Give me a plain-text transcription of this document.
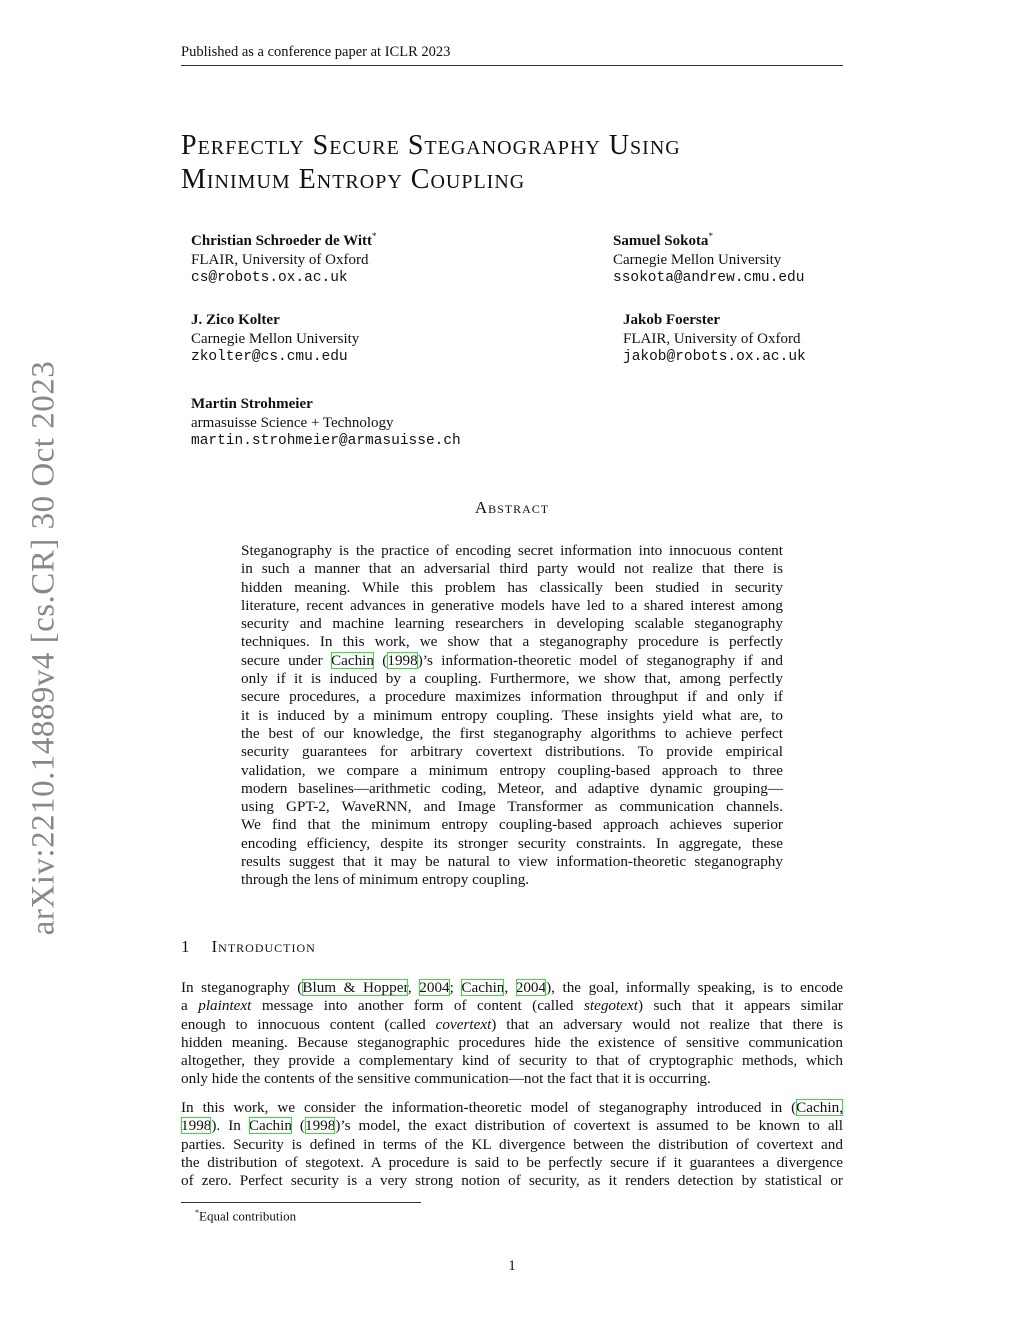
Published as a conference paper at ICLR 2023
arXiv:2210.14889v4 [cs.CR] 30 Oct 2023
Perfectly Secure Steganography Using
Minimum Entropy Coupling
Christian Schroeder de Witt*
FLAIR, University of Oxford
cs@robots.ox.ac.uk
Samuel Sokota*
Carnegie Mellon University
ssokota@andrew.cmu.edu
J. Zico Kolter
Carnegie Mellon University
zkolter@cs.cmu.edu
Jakob Foerster
FLAIR, University of Oxford
jakob@robots.ox.ac.uk
Martin Strohmeier
armasuisse Science + Technology
martin.strohmeier@armasuisse.ch
Abstract
Steganography is the practice of encoding secret information into innocuous content
in such a manner that an adversarial third party would not realize that there is
hidden meaning. While this problem has classically been studied in security
literature, recent advances in generative models have led to a shared interest among
security and machine learning researchers in developing scalable steganography
techniques. In this work, we show that a steganography procedure is perfectly
secure under Cachin (1998)’s information-theoretic model of steganography if and
only if it is induced by a coupling. Furthermore, we show that, among perfectly
secure procedures, a procedure maximizes information throughput if and only if
it is induced by a minimum entropy coupling. These insights yield what are, to
the best of our knowledge, the first steganography algorithms to achieve perfect
security guarantees for arbitrary covertext distributions. To provide empirical
validation, we compare a minimum entropy coupling-based approach to three
modern baselines—arithmetic coding, Meteor, and adaptive dynamic grouping—
using GPT-2, WaveRNN, and Image Transformer as communication channels.
We find that the minimum entropy coupling-based approach achieves superior
encoding efficiency, despite its stronger security constraints. In aggregate, these
results suggest that it may be natural to view information-theoretic steganography
through the lens of minimum entropy coupling.
1 Introduction
In steganography (Blum & Hopper, 2004; Cachin, 2004), the goal, informally speaking, is to encode
a plaintext message into another form of content (called stegotext) such that it appears similar
enough to innocuous content (called covertext) that an adversary would not realize that there is
hidden meaning. Because steganographic procedures hide the existence of sensitive communication
altogether, they provide a complementary kind of security to that of cryptographic methods, which
only hide the contents of the sensitive communication—not the fact that it is occurring.
In this work, we consider the information-theoretic model of steganography introduced in (Cachin,
1998). In Cachin (1998)’s model, the exact distribution of covertext is assumed to be known to all
parties. Security is defined in terms of the KL divergence between the distribution of covertext and
the distribution of stegotext. A procedure is said to be perfectly secure if it guarantees a divergence
of zero. Perfect security is a very strong notion of security, as it renders detection by statistical or
*Equal contribution
1
